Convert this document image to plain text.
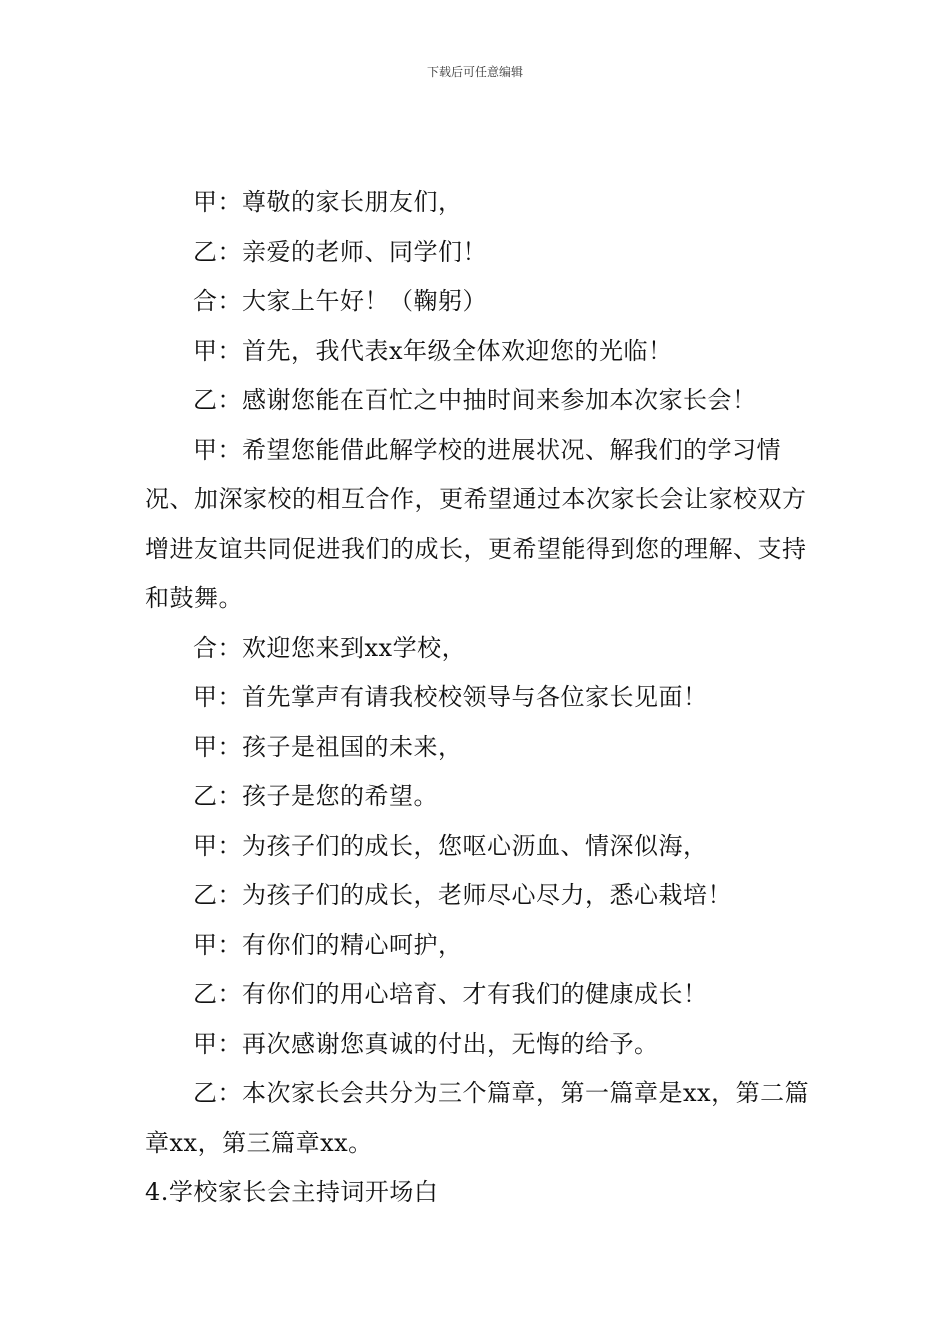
下载后可任意编辑

甲：尊敬的家长朋友们，

乙：亲爱的老师、同学们！

合：大家上午好！（鞠躬）

甲：首先，我代表x年级全体欢迎您的光临！

乙：感谢您能在百忙之中抽时间来参加本次家长会！

甲：希望您能借此解学校的进展状况、解我们的学习情况、加深家校的相互合作，更希望通过本次家长会让家校双方增进友谊共同促进我们的成长，更希望能得到您的理解、支持和鼓舞。

合：欢迎您来到xx学校，

甲：首先掌声有请我校校领导与各位家长见面！

甲：孩子是祖国的未来，

乙：孩子是您的希望。

甲：为孩子们的成长，您呕心沥血、情深似海，

乙：为孩子们的成长，老师尽心尽力，悉心栽培！

甲：有你们的精心呵护，

乙：有你们的用心培育、才有我们的健康成长！

甲：再次感谢您真诚的付出，无悔的给予。

乙：本次家长会共分为三个篇章，第一篇章是xx，第二篇章xx，第三篇章xx。

4.学校家长会主持词开场白
